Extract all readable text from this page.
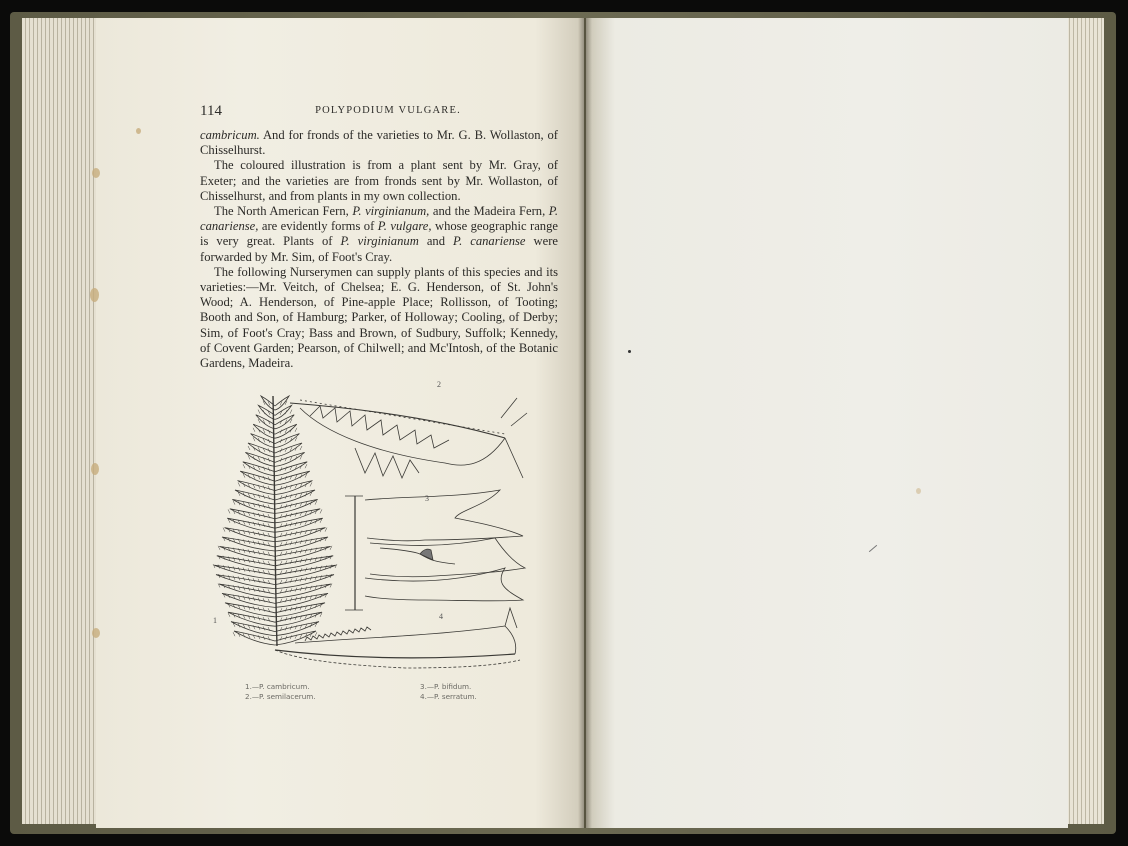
114	POLYPODIUM VULGARE.

cambricum. And for fronds of the varieties to Mr. G. B. Wollaston, of Chisselhurst.

The coloured illustration is from a plant sent by Mr. Gray, of Exeter; and the varieties are from fronds sent by Mr. Wollaston, of Chisselhurst, and from plants in my own collection.

The North American Fern, P. virginianum, and the Madeira Fern, P. canariense, are evidently forms of P. vulgare, whose geographic range is very great. Plants of P. virginianum and P. canariense were forwarded by Mr. Sim, of Foot's Cray.

The following Nurserymen can supply plants of this species and its varieties:—Mr. Veitch, of Chelsea; E. G. Henderson, of St. John's Wood; A. Henderson, of Pine-apple Place; Rollisson, of Tooting; Booth and Son, of Hamburg; Parker, of Holloway; Cooling, of Derby; Sim, of Foot's Cray; Bass and Brown, of Sudbury, Suffolk; Kennedy, of Covent Garden; Pearson, of Chilwell; and Mc'Intosh, of the Botanic Gardens, Madeira.

1
2
3
4
1.—P. cambricum.
2.—P. semilacerum.
3.—P. bifidum.
4.—P. serratum.
